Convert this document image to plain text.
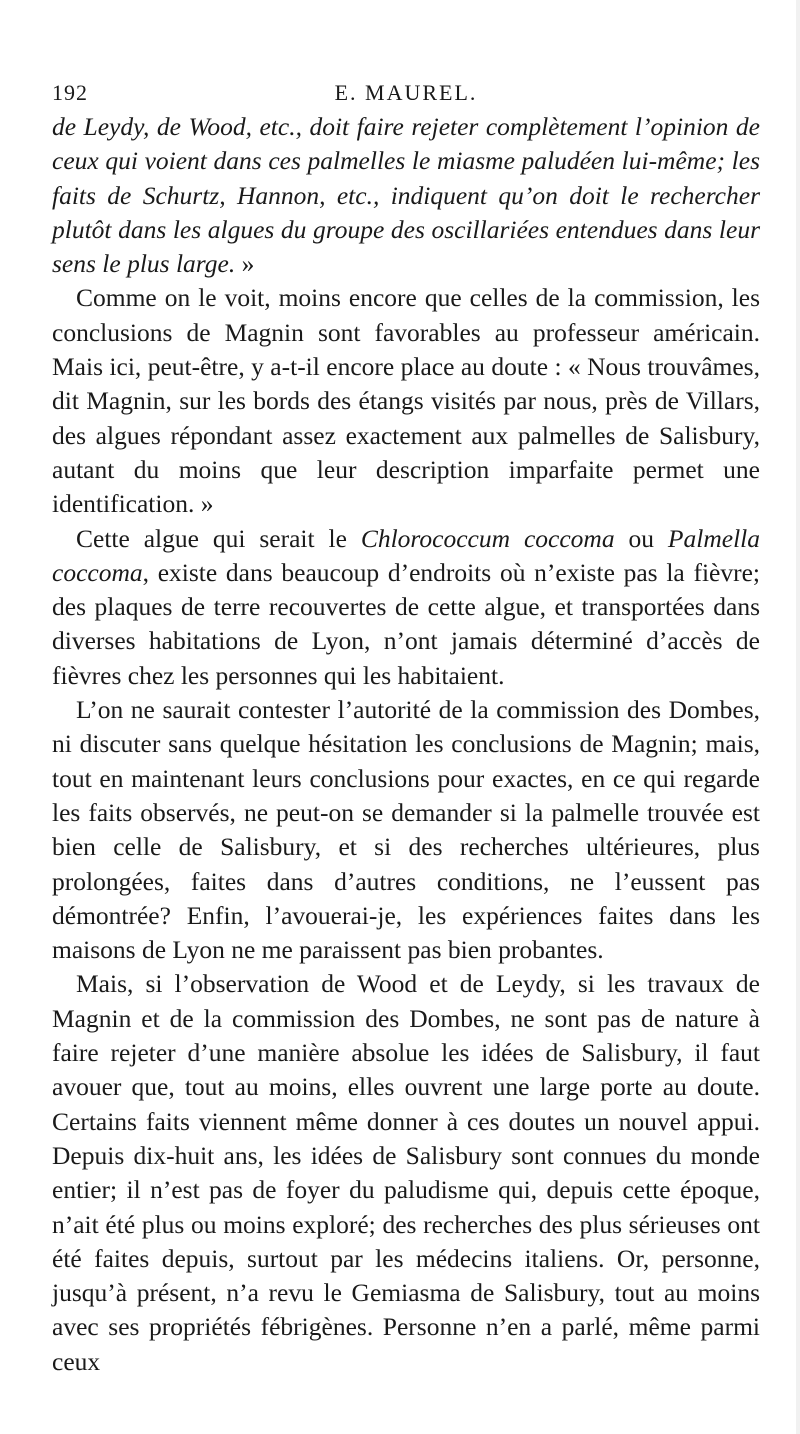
192	E. MAUREL.

de Leydy, de Wood, etc., doit faire rejeter complètement l’opinion de ceux qui voient dans ces palmelles le miasme paludéen lui-même; les faits de Schurtz, Hannon, etc., indiquent qu’on doit le rechercher plutôt dans les algues du groupe des oscillariées entendues dans leur sens le plus large. »

Comme on le voit, moins encore que celles de la commission, les conclusions de Magnin sont favorables au professeur américain. Mais ici, peut-être, y a-t-il encore place au doute : « Nous trouvâmes, dit Magnin, sur les bords des étangs visités par nous, près de Villars, des algues répondant assez exactement aux palmelles de Salisbury, autant du moins que leur description imparfaite permet une identification. »

Cette algue qui serait le Chlorococcum coccoma ou Palmella coccoma, existe dans beaucoup d’endroits où n’existe pas la fièvre; des plaques de terre recouvertes de cette algue, et transportées dans diverses habitations de Lyon, n’ont jamais déterminé d’accès de fièvres chez les personnes qui les habitaient.

L’on ne saurait contester l’autorité de la commission des Dombes, ni discuter sans quelque hésitation les conclusions de Magnin; mais, tout en maintenant leurs conclusions pour exactes, en ce qui regarde les faits observés, ne peut-on se demander si la palmelle trouvée est bien celle de Salisbury, et si des recherches ultérieures, plus prolongées, faites dans d’autres conditions, ne l’eussent pas démontrée? Enfin, l’avouerai-je, les expériences faites dans les maisons de Lyon ne me paraissent pas bien probantes.

Mais, si l’observation de Wood et de Leydy, si les travaux de Magnin et de la commission des Dombes, ne sont pas de nature à faire rejeter d’une manière absolue les idées de Salisbury, il faut avouer que, tout au moins, elles ouvrent une large porte au doute. Certains faits viennent même donner à ces doutes un nouvel appui. Depuis dix-huit ans, les idées de Salisbury sont connues du monde entier; il n’est pas de foyer du paludisme qui, depuis cette époque, n’ait été plus ou moins exploré; des recherches des plus sérieuses ont été faites depuis, surtout par les médecins italiens. Or, personne, jusqu’à présent, n’a revu le Gemiasma de Salisbury, tout au moins avec ses propriétés fébrigènes. Personne n’en a parlé, même parmi ceux
